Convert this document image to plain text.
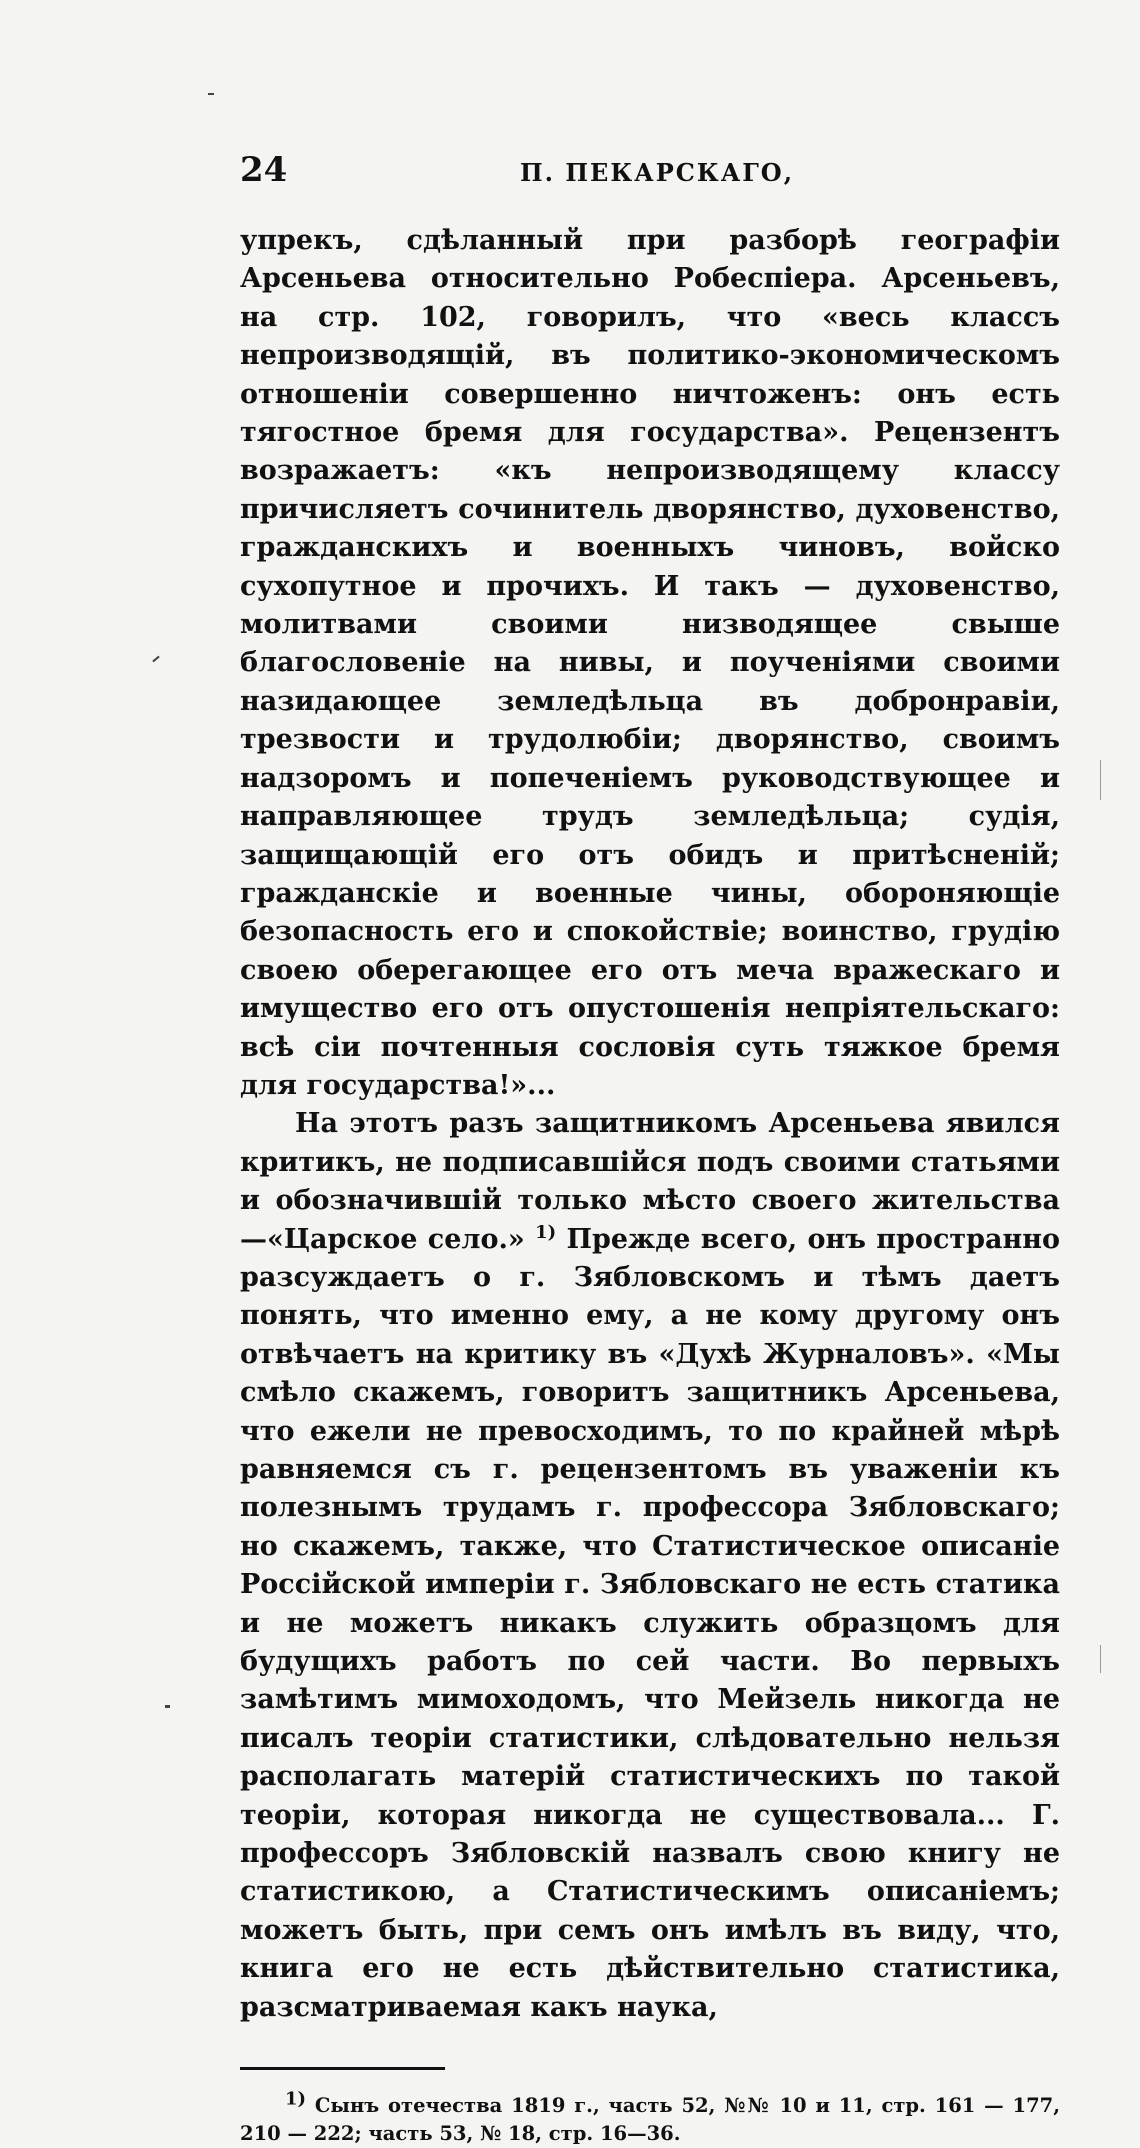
24	П. ПЕКАРСКАГО,

упрекъ, сдѣланный при разборѣ географіи Арсеньева относительно Робеспіера. Арсеньевъ, на стр. 102, говорилъ, что «весь классъ непроизводящій, въ политико-экономическомъ отношеніи совершенно ничтоженъ: онъ есть тягостное бремя для государства». Рецензентъ возражаетъ: «къ непроизводящему классу причисляетъ сочинитель дворянство, духовенство, гражданскихъ и военныхъ чиновъ, войско сухопутное и прочихъ. И такъ — духовенство, молитвами своими низводящее свыше благословеніе на нивы, и поученіями своими назидающее земледѣльца въ добронравіи, трезвости и трудолюбіи; дворянство, своимъ надзоромъ и попеченіемъ руководствующее и направляющее трудъ земледѣльца; судія, защищающій его отъ обидъ и притѣсненій; гражданскіе и военные чины, обороняющіе безопасность его и спокойствіе; воинство, грудію своею оберегающее его отъ меча вражескаго и имущество его отъ опустошенія непріятельскаго: всѣ сіи почтенныя сословія суть тяжкое бремя для государства!»...

На этотъ разъ защитникомъ Арсеньева явился критикъ, не подписавшійся подъ своими статьями и обозначившій только мѣсто своего жительства—«Царское село.» $^{1)}$ Прежде всего, онъ пространно разсуждаетъ о г. Зябловскомъ и тѣмъ даетъ понять, что именно ему, а не кому другому онъ отвѣчаетъ на критику въ «Духѣ Журналовъ». «Мы смѣло скажемъ, говоритъ защитникъ Арсеньева, что ежели не превосходимъ, то по крайней мѣрѣ равняемся съ г. рецензентомъ въ уваженіи къ полезнымъ трудамъ г. профессора Зябловскаго; но скажемъ, также, что Статистическое описаніе Россійской имперіи г. Зябловскаго не есть статика и не можетъ никакъ служить образцомъ для будущихъ работъ по сей части. Во первыхъ замѣтимъ мимоходомъ, что Мейзель никогда не писалъ теоріи статистики, слѣдовательно нельзя располагать матерій статистическихъ по такой теоріи, которая никогда не существовала... Г. профессоръ Зябловскій назвалъ свою книгу не статистикою, а Статистическимъ описаніемъ; можетъ быть, при семъ онъ имѣлъ въ виду, что, книга его не есть дѣйствительно статистика, разсматриваемая какъ наука,

$^{1)}$ Сынъ отечества 1819 г., часть 52, №№ 10 и 11, стр. 161 — 177, 210 — 222; часть 53, № 18, стр. 16—36.
